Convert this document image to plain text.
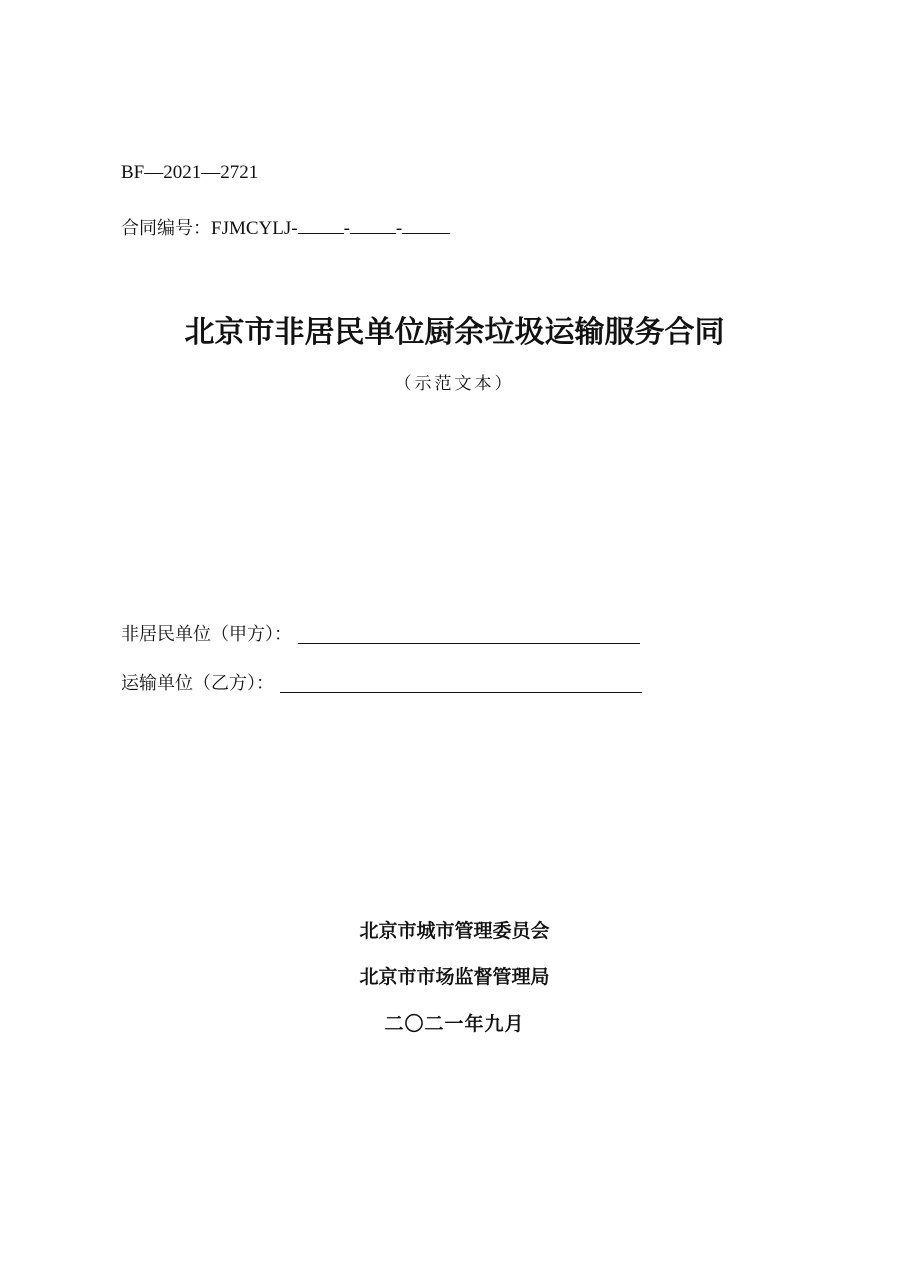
BF—2021—2721
合同编号： FJMCYLJ- - -
北京市非居民单位厨余垃圾运输服务合同
（示范文本）
非居民单位（甲方）：
运输单位（乙方）：
北京市城市管理委员会
北京市市场监督管理局
二〇二一年九月
